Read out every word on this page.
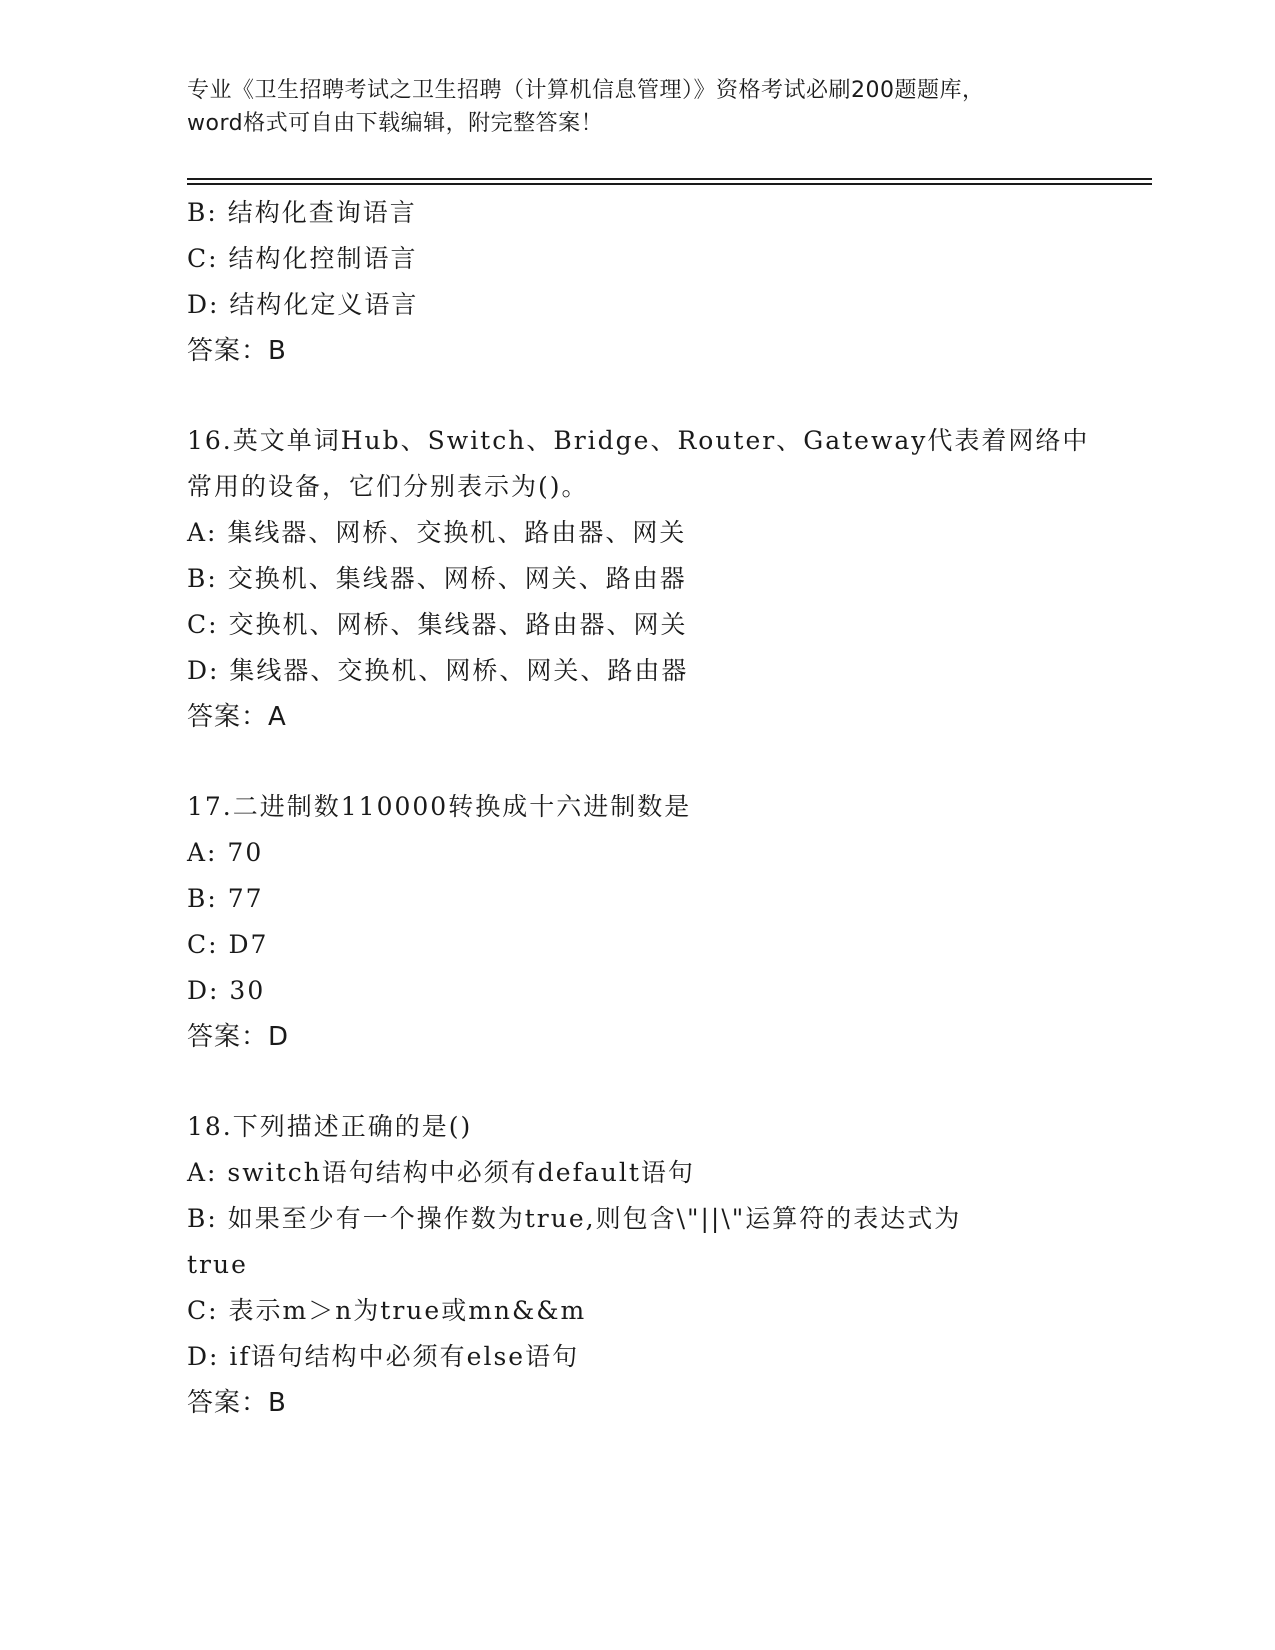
专业《卫生招聘考试之卫生招聘（计算机信息管理）》资格考试必刷200题题库，
word格式可自由下载编辑，附完整答案！
B: 结构化查询语言
C: 结构化控制语言
D: 结构化定义语言
答案：B
16.英文单词Hub、Switch、Bridge、Router、Gateway代表着网络中
常用的设备，它们分别表示为()。
A: 集线器、网桥、交换机、路由器、网关
B: 交换机、集线器、网桥、网关、路由器
C: 交换机、网桥、集线器、路由器、网关
D: 集线器、交换机、网桥、网关、路由器
答案：A
17.二进制数110000转换成十六进制数是
A: 70
B: 77
C: D7
D: 30
答案：D
18.下列描述正确的是()
A: switch语句结构中必须有default语句
B: 如果至少有一个操作数为true,则包含\"||\"运算符的表达式为
true
C: 表示m＞n为true或mn&&m
D: if语句结构中必须有else语句
答案：B
